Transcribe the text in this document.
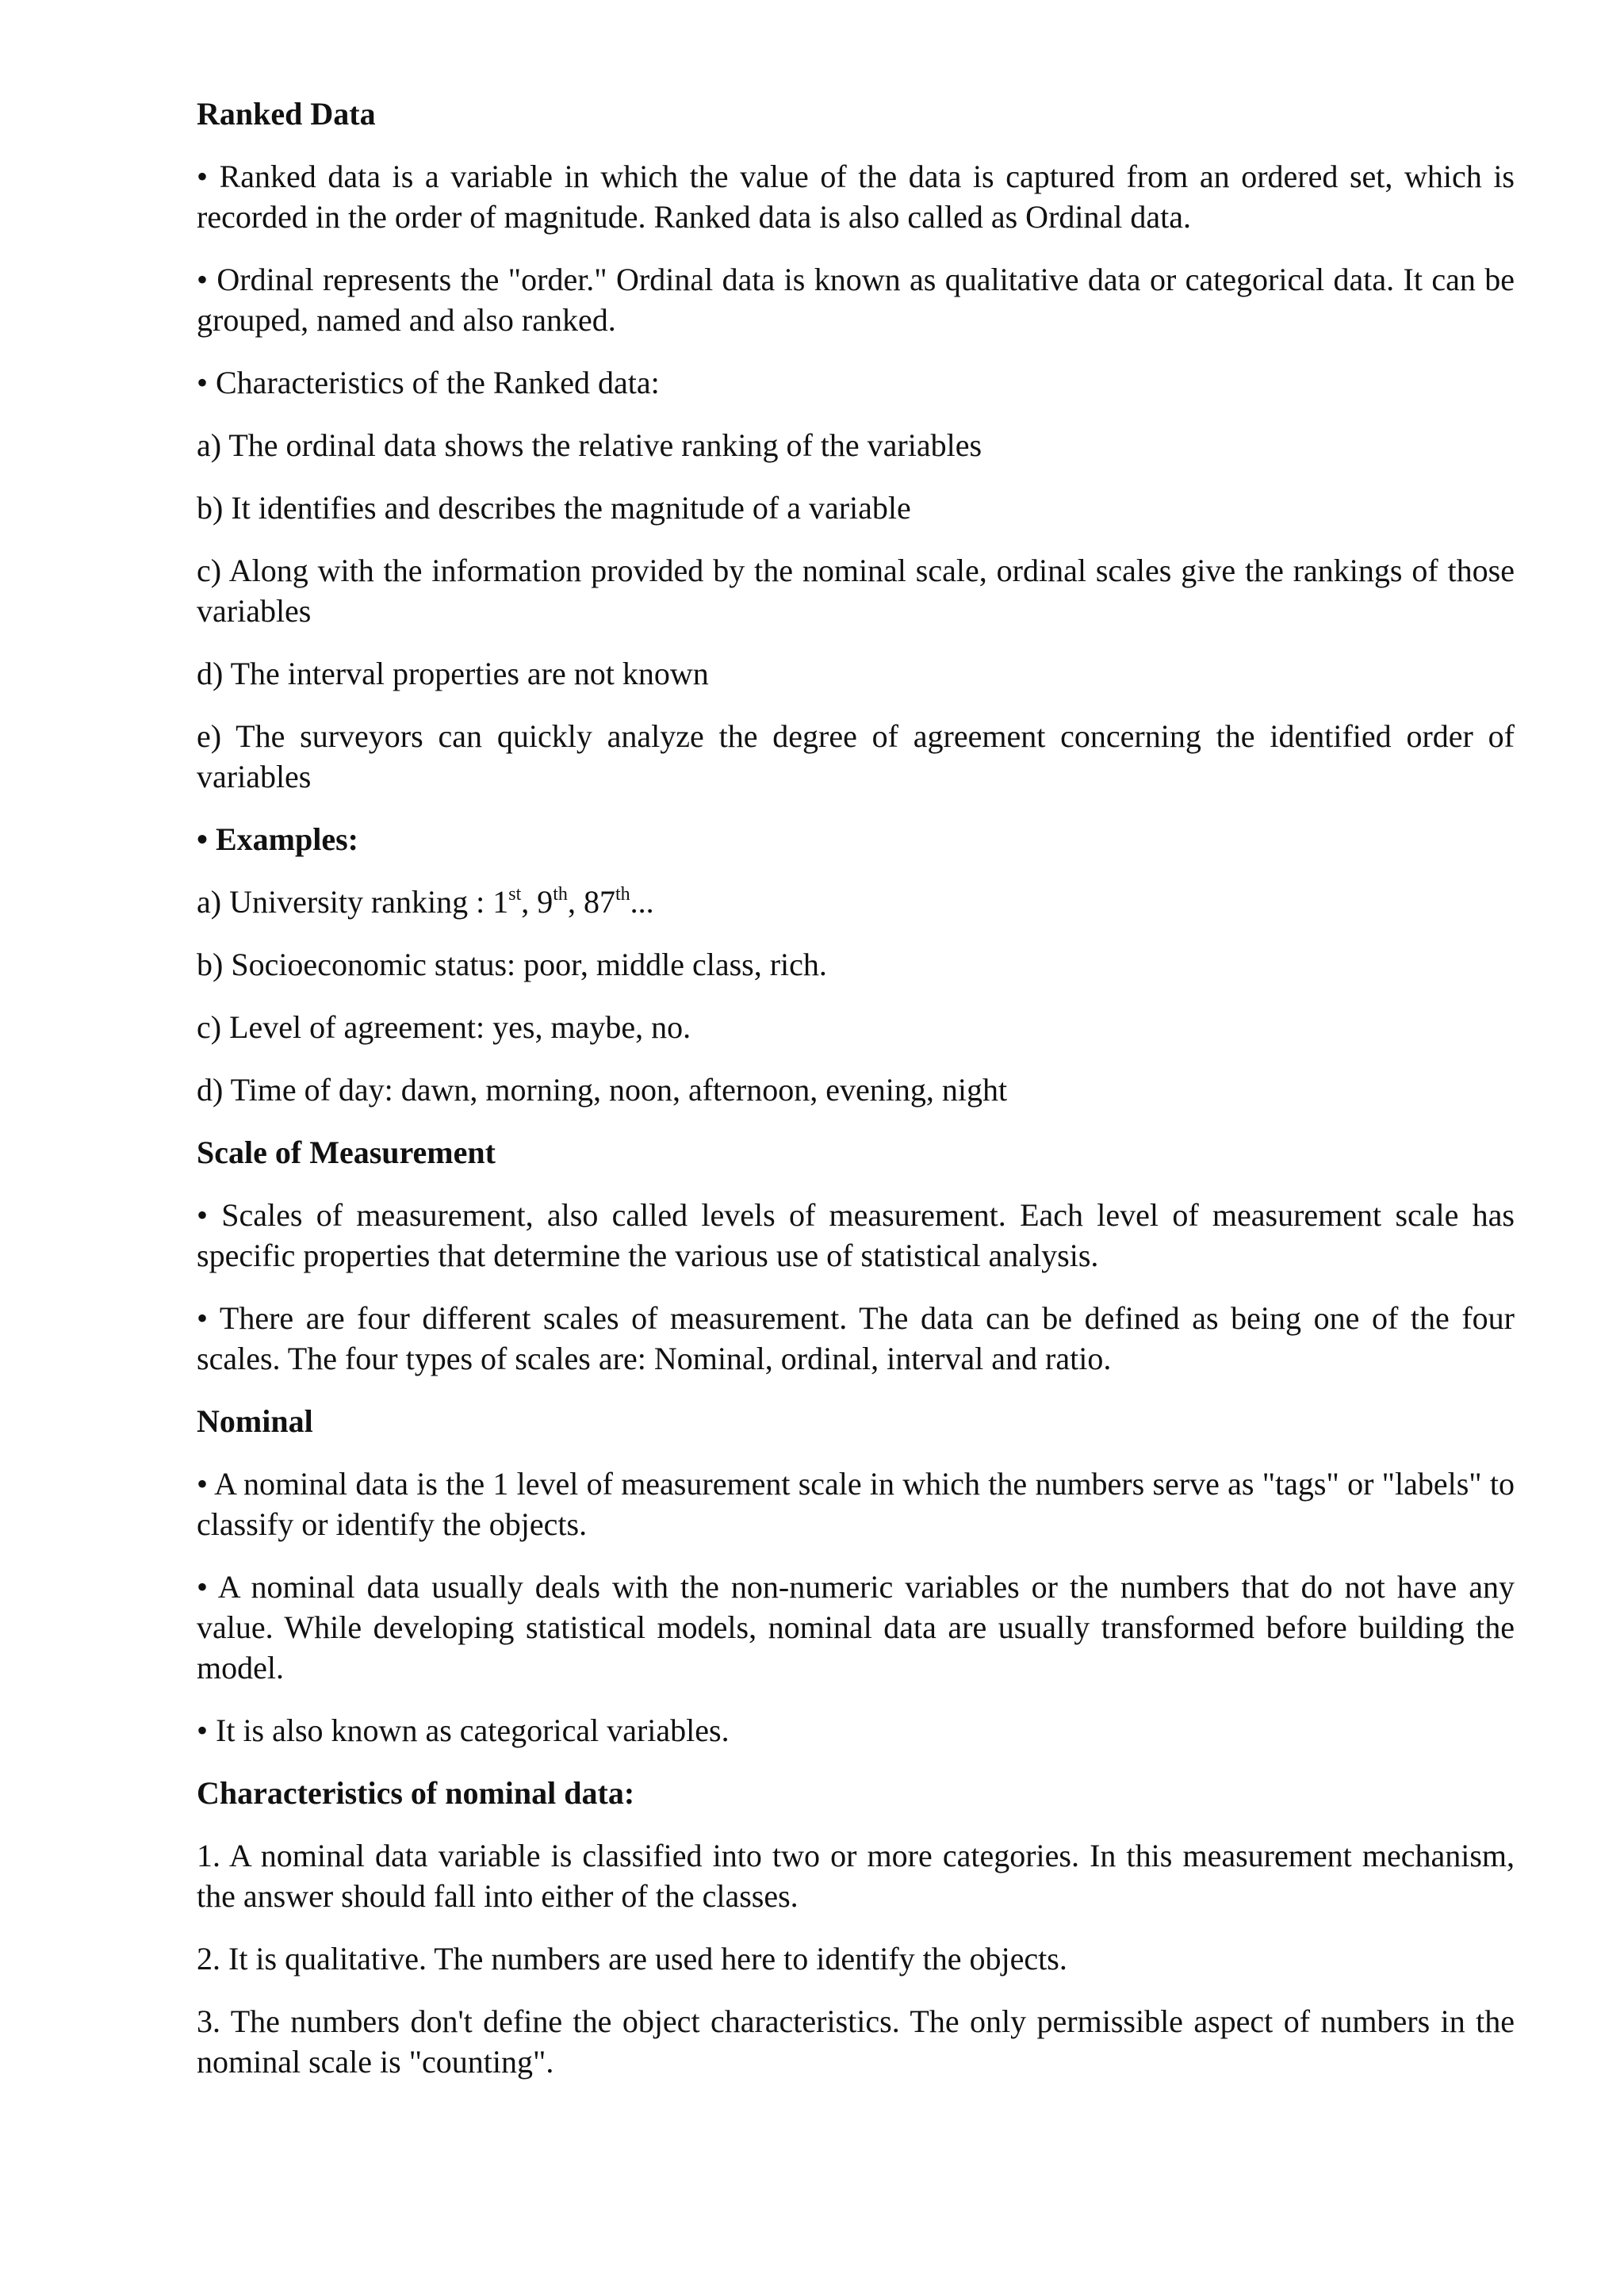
Ranked Data

• Ranked data is a variable in which the value of the data is captured from an ordered set, which is recorded in the order of magnitude. Ranked data is also called as Ordinal data.

• Ordinal represents the "order." Ordinal data is known as qualitative data or categorical data. It can be grouped, named and also ranked.

• Characteristics of the Ranked data:

a) The ordinal data shows the relative ranking of the variables

b) It identifies and describes the magnitude of a variable

c) Along with the information provided by the nominal scale, ordinal scales give the rankings of those variables

d) The interval properties are not known

e) The surveyors can quickly analyze the degree of agreement concerning the identified order of variables

• Examples:

a) University ranking : 1st, 9th, 87th...

b) Socioeconomic status: poor, middle class, rich.

c) Level of agreement: yes, maybe, no.

d) Time of day: dawn, morning, noon, afternoon, evening, night

Scale of Measurement

• Scales of measurement, also called levels of measurement. Each level of measurement scale has specific properties that determine the various use of statistical analysis.

• There are four different scales of measurement. The data can be defined as being one of the four scales. The four types of scales are: Nominal, ordinal, interval and ratio.

Nominal

• A nominal data is the 1 level of measurement scale in which the numbers serve as "tags" or "labels" to classify or identify the objects.

• A nominal data usually deals with the non-numeric variables or the numbers that do not have any value. While developing statistical models, nominal data are usually transformed before building the model.

• It is also known as categorical variables.

Characteristics of nominal data:

1. A nominal data variable is classified into two or more categories. In this measurement mechanism, the answer should fall into either of the classes.

2. It is qualitative. The numbers are used here to identify the objects.

3. The numbers don't define the object characteristics. The only permissible aspect of numbers in the nominal scale is "counting".
